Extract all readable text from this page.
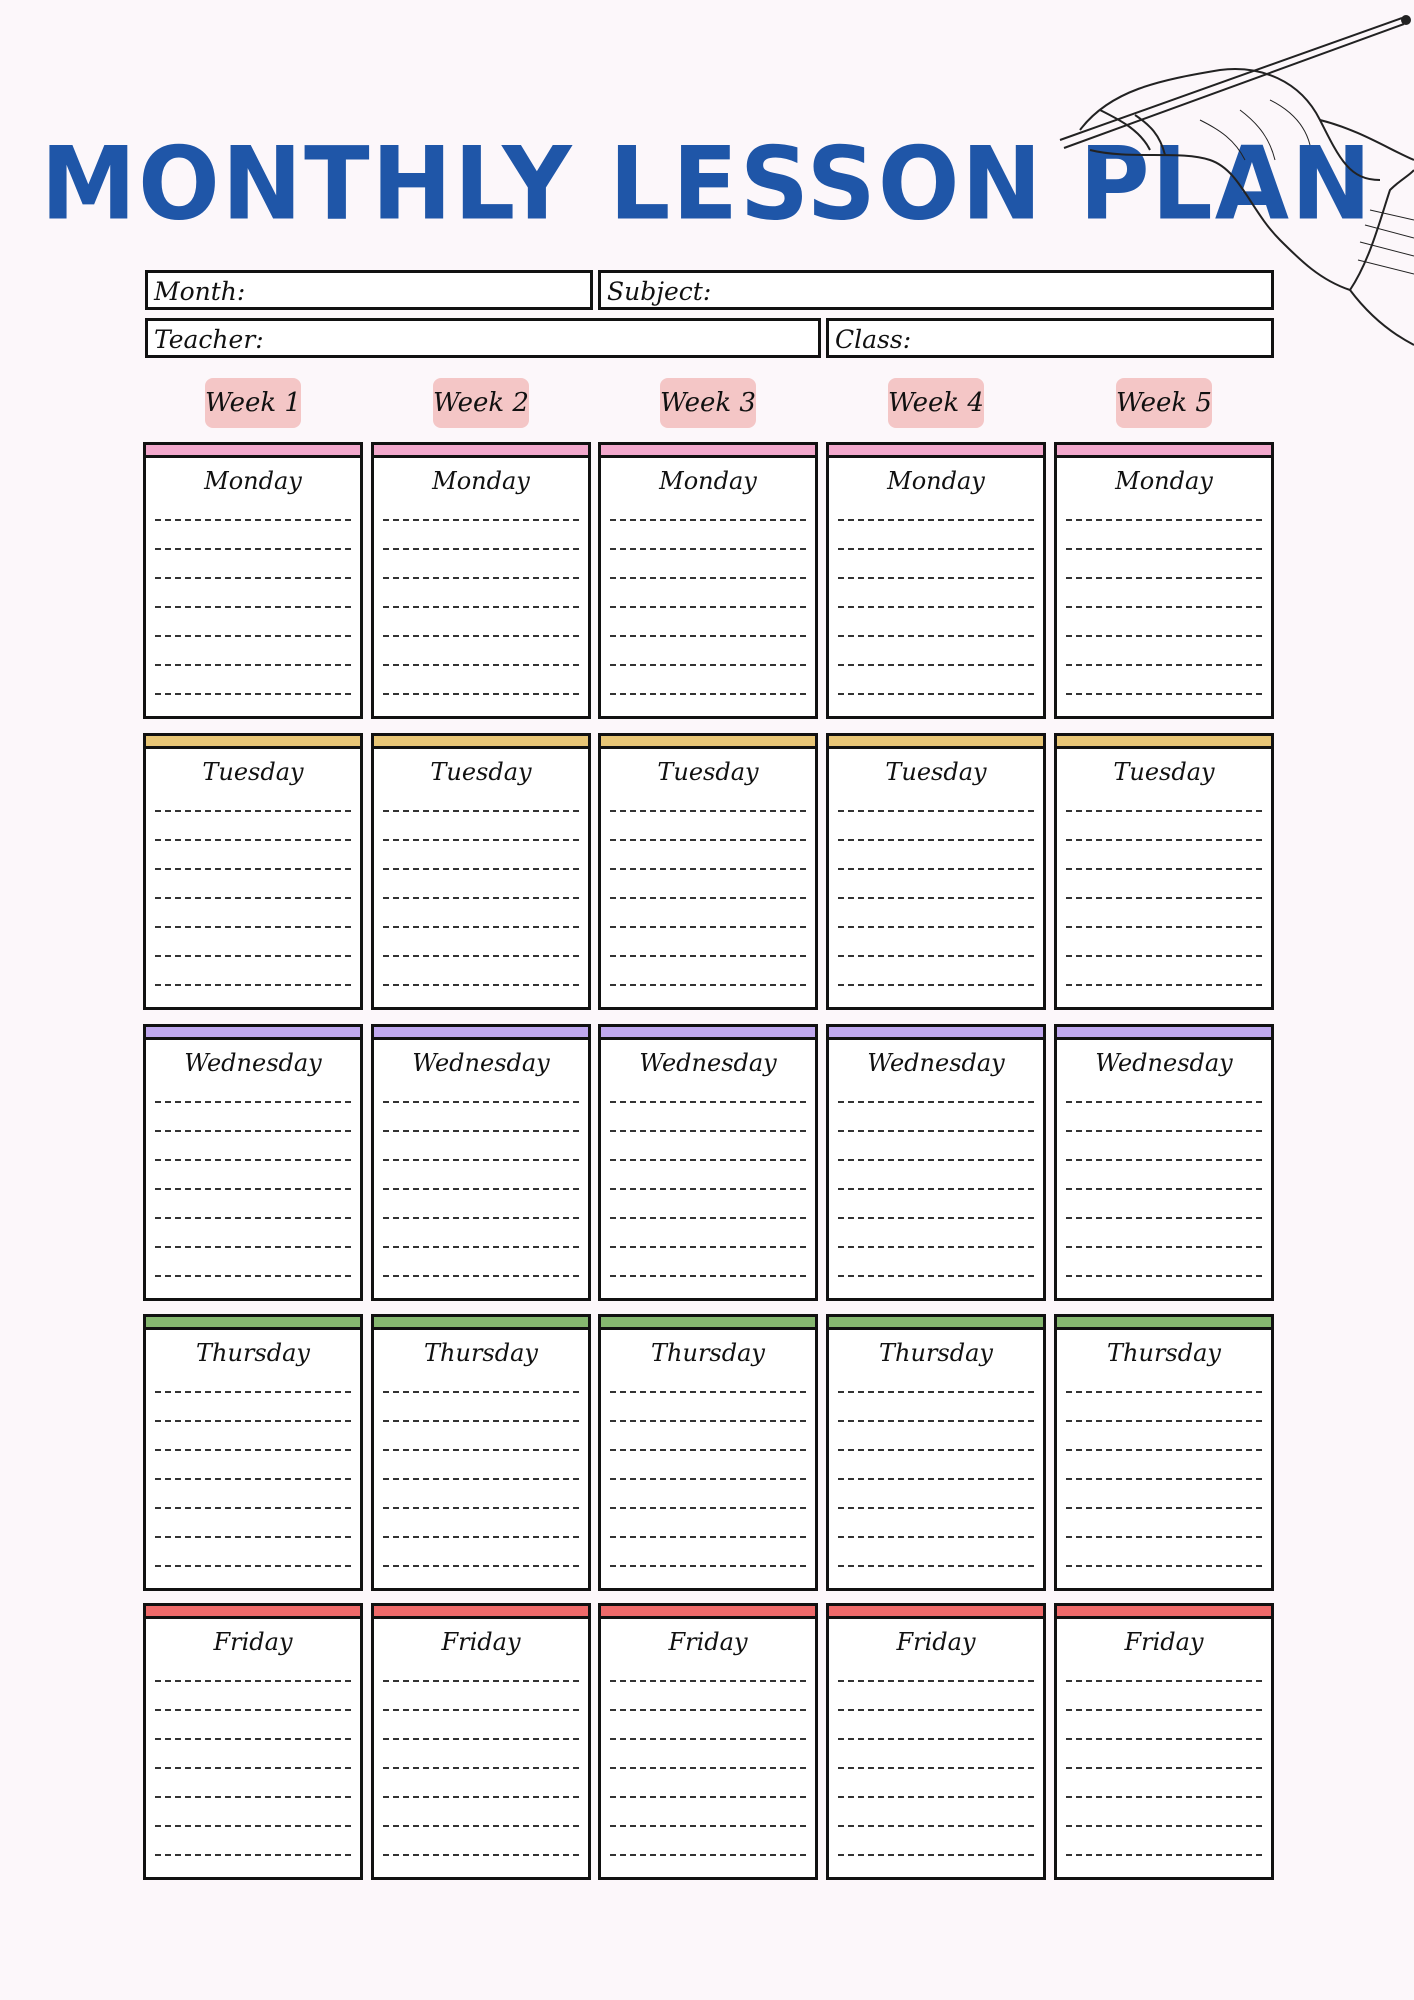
MONTHLY LESSON PLAN
Month:	Subject:
Teacher:	Class:
Week 1	Week 2	Week 3	Week 4	Week 5
Monday	Monday	Monday	Monday	Monday
Tuesday	Tuesday	Tuesday	Tuesday	Tuesday
Wednesday	Wednesday	Wednesday	Wednesday	Wednesday
Thursday	Thursday	Thursday	Thursday	Thursday
Friday	Friday	Friday	Friday	Friday
